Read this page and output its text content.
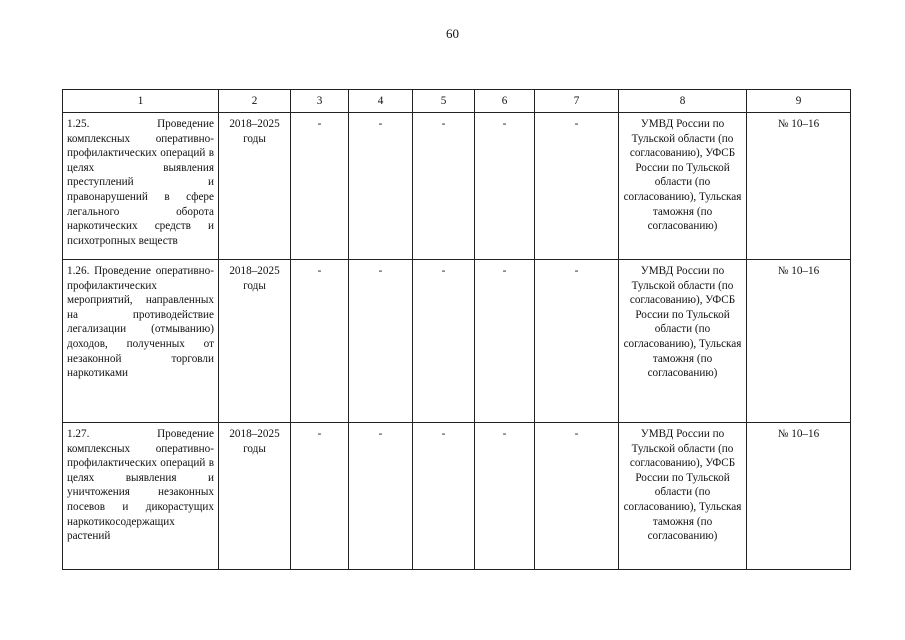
60
1	2	3	4	5	6	7	8	9
1.25. Проведение комплексных оперативно-профилактических операций в целях выявления преступлений и правонарушений в сфере легального оборота наркотических средств и психотропных веществ	2018–2025 годы	-	-	-	-	-	УМВД России по Тульской области (по согласованию), УФСБ России по Тульской области (по согласованию), Тульская таможня (по согласованию)	№ 10–16
1.26. Проведение оперативно-профилактических мероприятий, направленных на противодействие легализации (отмыванию) доходов, полученных от незаконной торговли наркотиками	2018–2025 годы	-	-	-	-	-	УМВД России по Тульской области (по согласованию), УФСБ России по Тульской области (по согласованию), Тульская таможня (по согласованию)	№ 10–16
1.27. Проведение комплексных оперативно-профилактических операций в целях выявления и уничтожения незаконных посевов и дикорастущих наркотикосодержащих растений	2018–2025 годы	-	-	-	-	-	УМВД России по Тульской области (по согласованию), УФСБ России по Тульской области (по согласованию), Тульская таможня (по согласованию)	№ 10–16
